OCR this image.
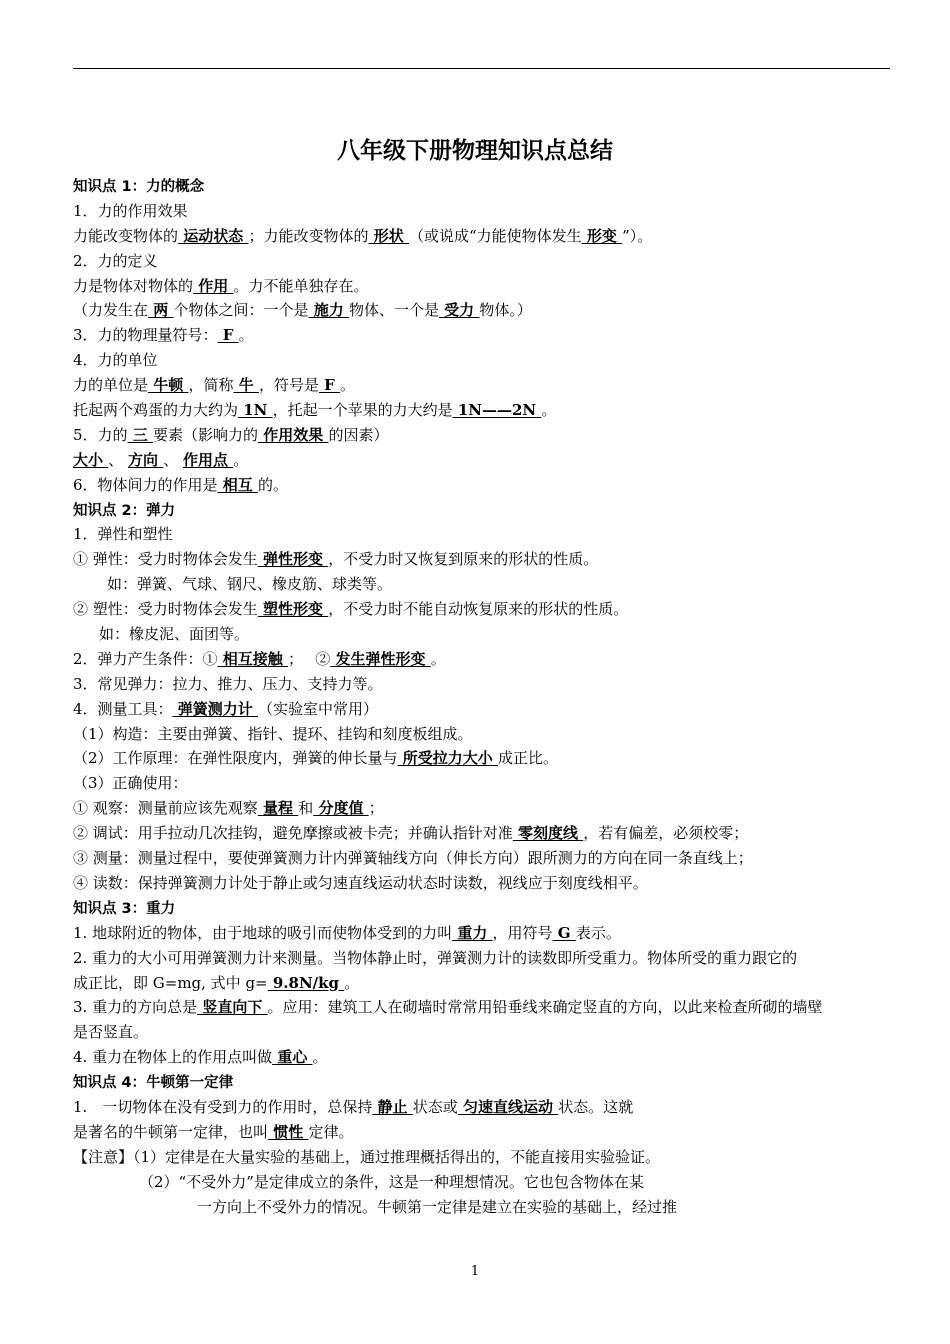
八年级下册物理知识点总结
知识点 1：力的概念
1．力的作用效果
力能改变物体的 运动状态 ；力能改变物体的 形状 （或说成“力能使物体发生 形变 ”）。
2．力的定义
力是物体对物体的 作用 。力不能单独存在。
（力发生在 两 个物体之间：一个是 施力 物体、一个是 受力 物体。）
3．力的物理量符号： F 。
4．力的单位
力的单位是 牛顿 ，简称 牛 ，符号是 F 。
托起两个鸡蛋的力大约为 1N ，托起一个苹果的力大约是 1N——2N 。
5．力的 三 要素（影响力的 作用效果 的因素）
大小 、 方向 、 作用点 。
6．物体间力的作用是 相互 的。
知识点 2：弹力
1．弹性和塑性
① 弹性：受力时物体会发生 弹性形变 ，不受力时又恢复到原来的形状的性质。
如：弹簧、气球、钢尺、橡皮筋、球类等。
② 塑性：受力时物体会发生 塑性形变 ，不受力时不能自动恢复原来的形状的性质。
如：橡皮泥、面团等。
2．弹力产生条件：① 相互接触 ；　 ② 发生弹性形变 。
3．常见弹力：拉力、推力、压力、支持力等。
4．测量工具： 弹簧测力计 （实验室中常用）
（1）构造：主要由弹簧、指针、提环、挂钩和刻度板组成。
（2）工作原理：在弹性限度内，弹簧的伸长量与 所受拉力大小 成正比。
（3）正确使用：
① 观察：测量前应该先观察 量程 和 分度值 ；
② 调试：用手拉动几次挂钩，避免摩擦或被卡壳；并确认指针对准 零刻度线 ，若有偏差，必须校零；
③ 测量：测量过程中，要使弹簧测力计内弹簧轴线方向（伸长方向）跟所测力的方向在同一条直线上；
④ 读数：保持弹簧测力计处于静止或匀速直线运动状态时读数，视线应于刻度线相平。
知识点 3：重力
1. 地球附近的物体，由于地球的吸引而使物体受到的力叫 重力 ，用符号 G 表示。
2. 重力的大小可用弹簧测力计来测量。当物体静止时，弹簧测力计的读数即所受重力。物体所受的重力跟它的
成正比，即 G=mg, 式中 g= 9.8N/kg 。
3. 重力的方向总是 竖直向下 。应用：建筑工人在砌墙时常常用铅垂线来确定竖直的方向，以此来检查所砌的墙壁
是否竖直。
4. 重力在物体上的作用点叫做 重心 。
知识点 4：牛顿第一定律
1.　一切物体在没有受到力的作用时，总保持 静止 状态或 匀速直线运动 状态。这就
是著名的牛顿第一定律，也叫 惯性 定律。
【注意】（1）定律是在大量实验的基础上，通过推理概括得出的，不能直接用实验验证。
（2）“不受外力”是定律成立的条件，这是一种理想情况。它也包含物体在某
一方向上不受外力的情况。牛顿第一定律是建立在实验的基础上，经过推
1
